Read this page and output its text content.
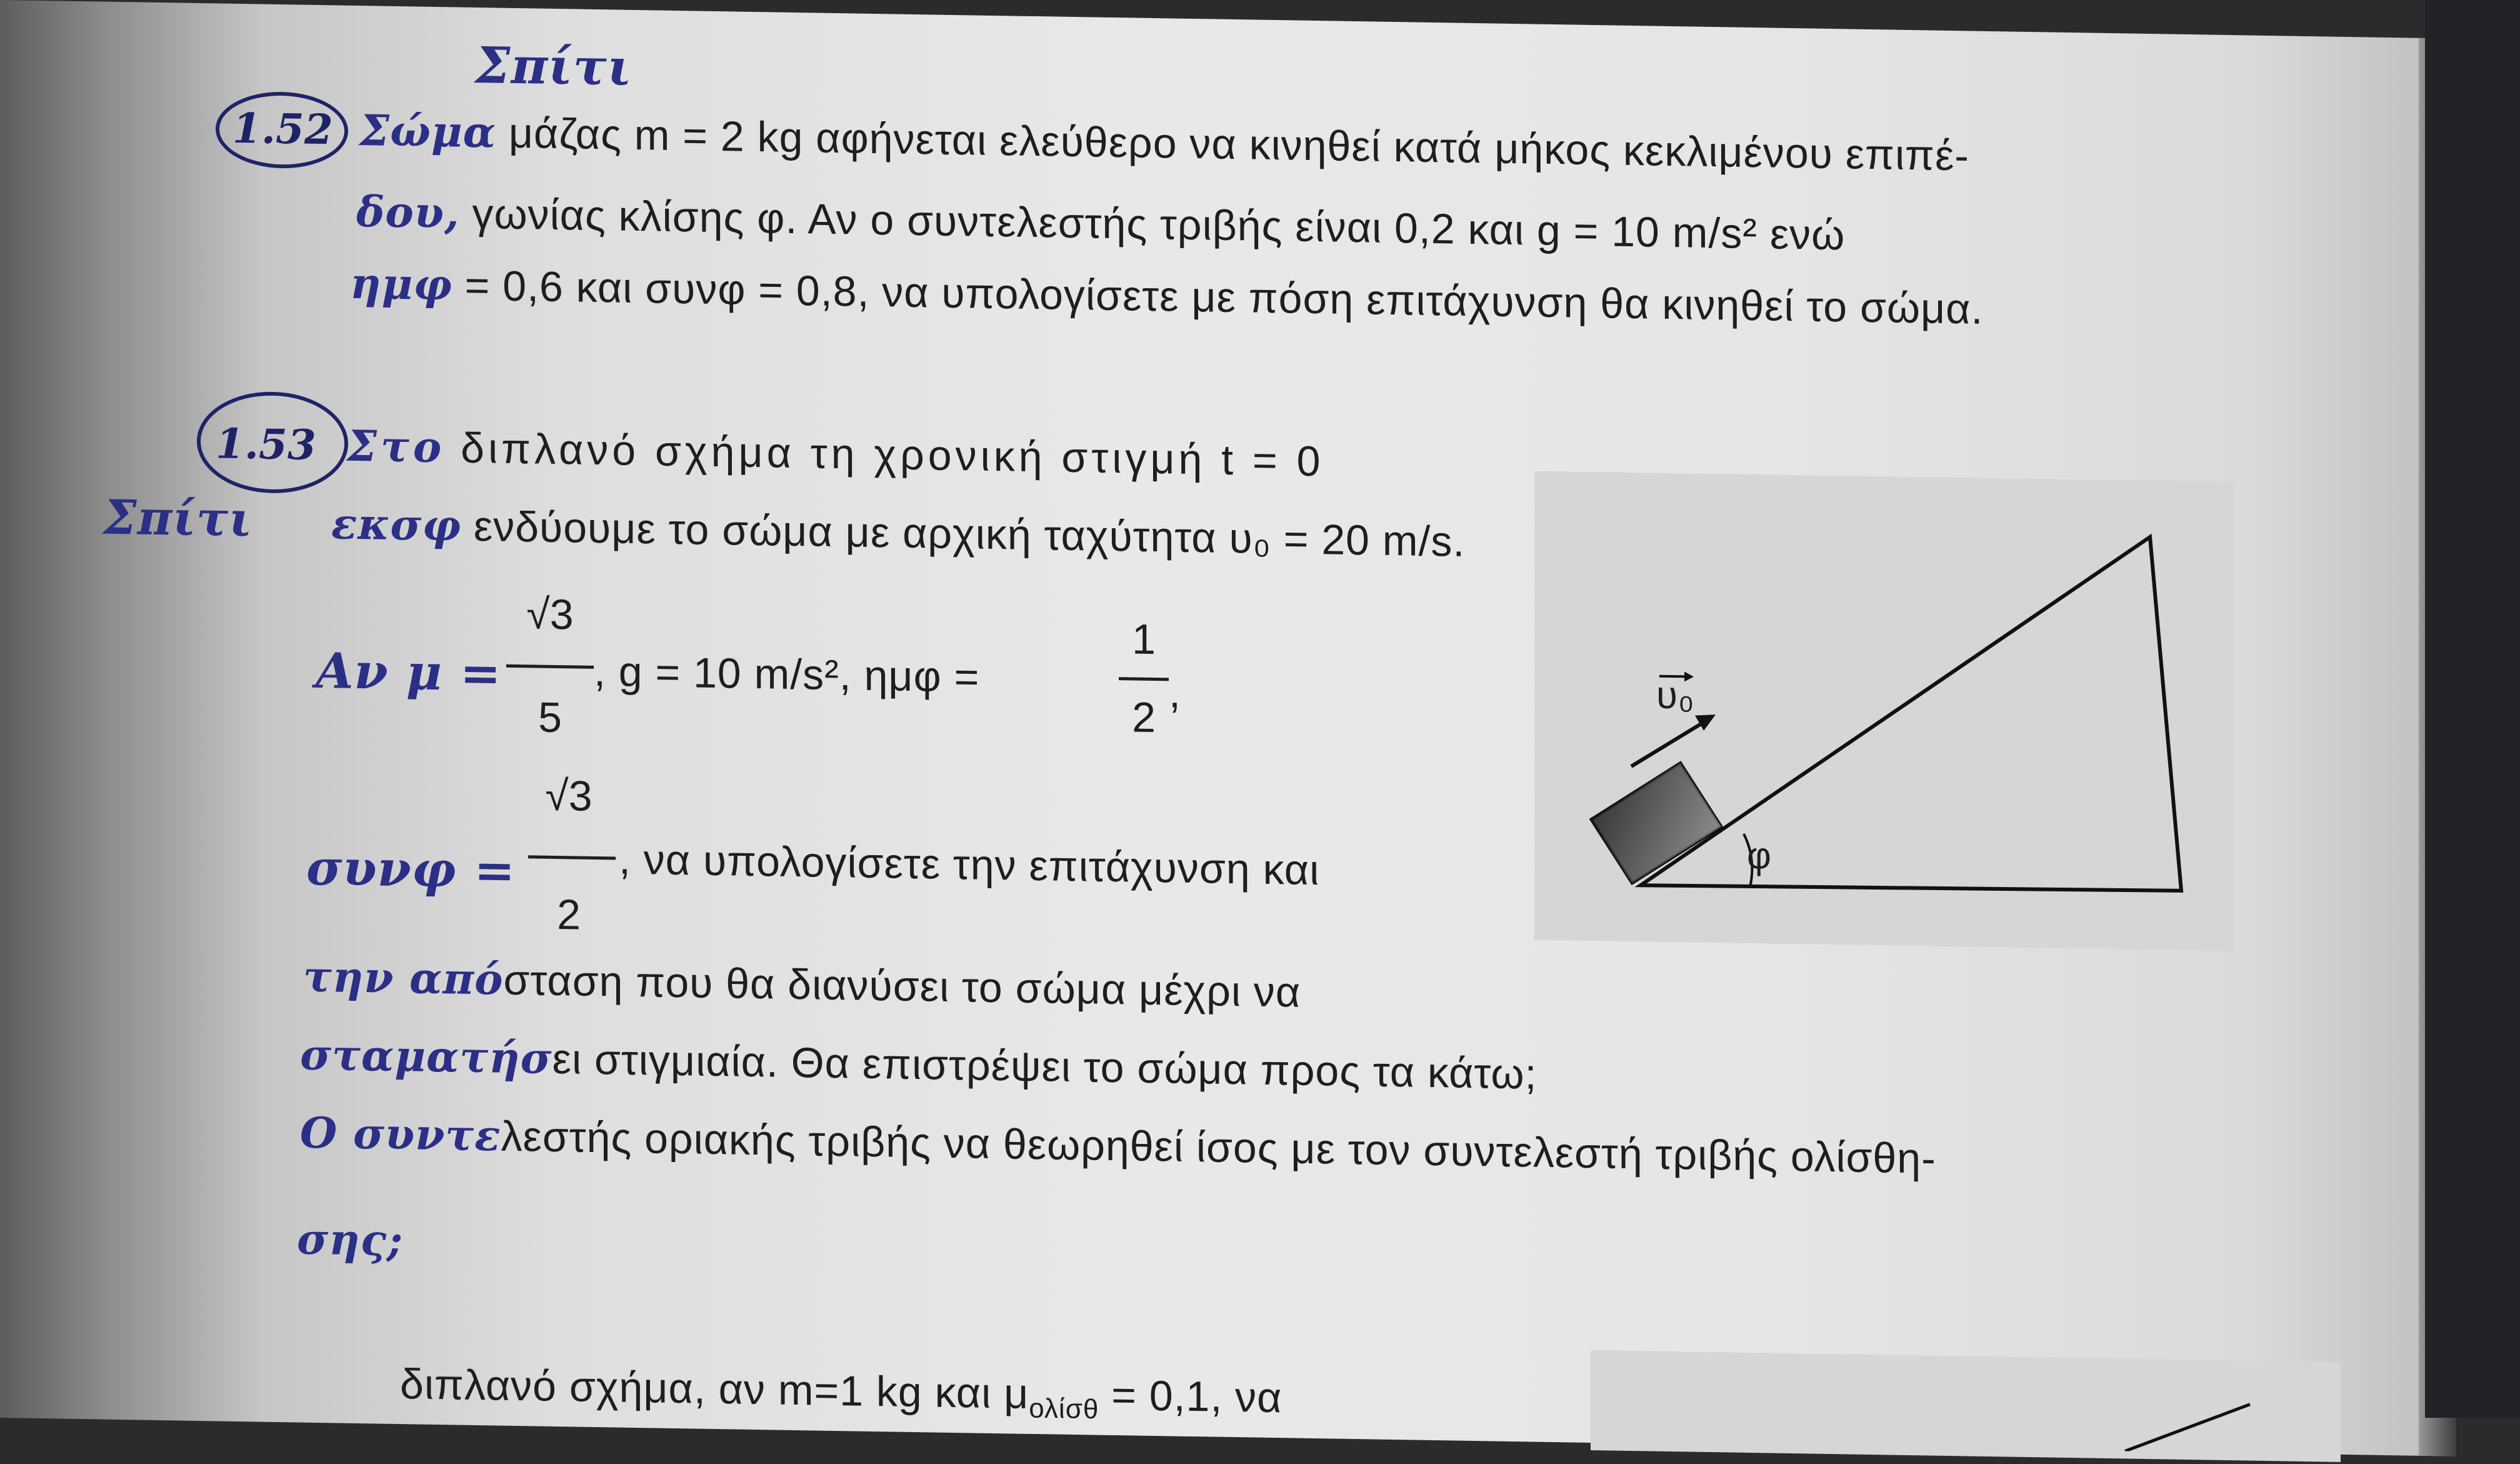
Σπίτι
1.52 Σώμα μάζας m = 2 kg αφήνεται ελεύθερο να κινηθεί κατά μήκος κεκλιμένου επιπέ-
δου, γωνίας κλίσης φ. Αν ο συντελεστής τριβής είναι 0,2 και g = 10 m/s² ενώ
ημφ = 0,6 και συνφ = 0,8, να υπολογίσετε με πόση επιτάχυνση θα κινηθεί το σώμα.
1.53
Σπίτι
Στο διπλανό σχήμα τη χρονική στιγμή t = 0
εκσφ ενδύουμε το σώμα με αρχική ταχύτητα υ₀ = 20 m/s.
Αν μ =
√3
5
, g = 10 m/s², ημφ =
1
2
,
συνφ =
√3
2
, να υπολογίσετε την επιτάχυνση και
την απόσταση που θα διανύσει το σώμα μέχρι να
σταματήσει στιγμιαία. Θα επιστρέψει το σώμα προς τα κάτω;
Ο συντελεστής οριακής τριβής να θεωρηθεί ίσος με τον συντελεστή τριβής ολίσθη-
σης;
υ₀
φ
διπλανό σχήμα, αν m=1 kg και $\mu_{o\lambda ί\sigma\theta} = 0,1$, να
